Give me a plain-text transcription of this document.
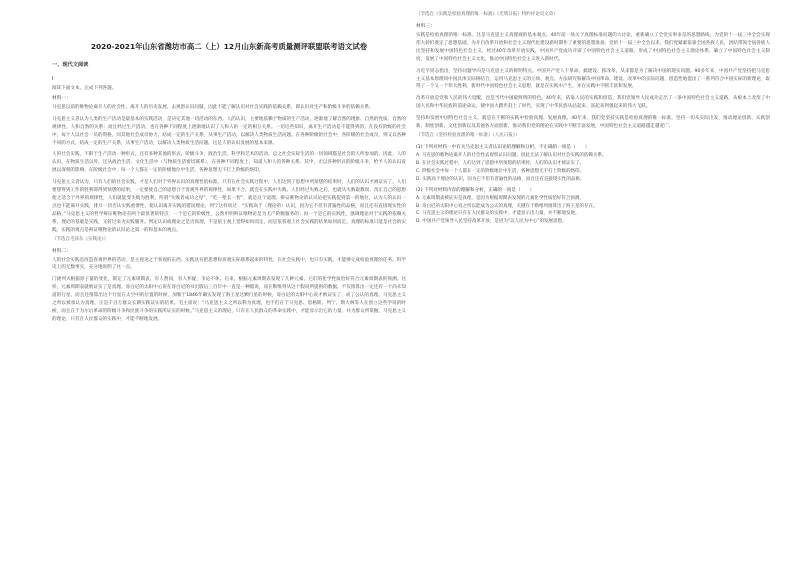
2020-2021年山东省潍坊市高二（上）12月山东新高考质量测评联盟联考语文试卷
一、现代文阅读
I

阅读下面文本，完成下列各题。

材料一：

马克思以前的唯物论离开人的社会性，离开人的历史发展，去观察认识问题，因此不能了解认识对社会实践的依赖关系，即认识对生产和阶级斗争的依赖关系。

马克思主义者认为人类的生产活动是最基本的实践活动，是决定其他一切活动的东西。人的认识，主要地依赖于物质的生产活动，逐渐地了解自然的现象、自然的性质、自然的规律性、人和自然的关系；而且经过生产活动，也在各种不同程度上逐渐地认识了人和人的一定的相互关系。一切这些知识，离开生产活动是不能得到的。在没有阶级的社会中，每个人以社会一员的资格，同其他社会成员协力，结成一定的生产关系，从事生产活动，以解决人类物质生活问题。在各种阶级的社会中，各阶级的社会成员，则又以各种不同的方式，结成一定的生产关系，从事生产活动，以解决人类物质生活问题。这是人的认识发展的基本来源。

人的社会实践，不限于生产活动一种形式，还有多种其他的形式，阶级斗争，政治生活，科学和艺术的活动，总之社会实际生活的一切领域都是社会的人所参加的。因此，人的认识，在物质生活以外，还从政治生活、文化生活中（与物质生活密切联系），在各种不同程度上，知道人和人的各种关系。其中，尤以各种形式的阶级斗争，给予人的认识发展以深刻的影响。在阶级社会中，每一个人都在一定的阶级地位中生活，各种思想无不打上阶级的烙印。

马克思主义者认为，只有人们的社会实践，才是人们对于外界认识的真理性的标准。只有在社会实践过程中，人们达到了思想中所预想的结果时，人们的认识才被证实了。人们要想得到工作的胜利即得到预想的结果，一定要使自己的思想合于客观外界的规律性，如果不合，就会在实践中失败。人们经过失败之后，也就从失败取教训，改正自己的思想使之适合于外界的规律性，人们就能变失败为胜利，所谓“失败者成功之母”，“吃一堑长一智”，就是这个道理。辩证唯物论的认识论把实践提到第一的地位，认为人的认识一点也不能离开实践，排斥一切否认实践重要性、使认识离开实践的错误理论。列宁这样说过：“实践高于（理论的）认识，因为它不但有普遍性的品格，而且还有直接现实性的品格。”马克思主义的哲学辩证唯物论有两个最显著的特点：一个是它的阶级性，公然申明辩证唯物论是为无产阶级服务的；再一个是它的实践性，强调理论对于实践的依赖关系，理论的基础是实践，又转过来为实践服务。判定认识或理论之是否真理，不是依主观上觉得如何而定，而是依客观上社会实践的结果如何而定。真理的标准只能是社会的实践。实践的观点是辩证唯物论的认识论之第一的和基本的观点。

（节选自毛泽东《实践论》）
材料二：

人的社会实践是改造客观世界的活动，是主观见之于客观的东西。实践具有把思想和客观实际联系起来的特性。在社会实践中，也只有实践，才能够完成检验真理的任务。科学史上的无数事实，充分地说明了这一点。

门捷列夫根据原子量的变化，制定了元素周期表，有人赞同，有人怀疑，争论不休。后来，根据元素周期表发现了几种元素，它们的化学性质恰好符合元素周期表的预测。这样，元素周期表就被证实了是真理。哥白尼的太阳中心说在哥白尼的书出版后三百年中一直是一种假说，而在勒维列从这个假说所提供的数据，不仅推算出一定还有一个尚未知道的行星，而且还推算出这个行星在太空中的位置的时候，加勒于1846年确实发现了海王星这颗行星的时候，哥白尼的太阳中心说才被证实了，成了公认的真理。马克思主义之所以被承认为真理，正是千百万群众长期实践证实的结果。毛主席说：“马克思主义之所以称为真理，也不但在于马克思、恩格斯、列宁、斯大林等人在创立这些学说的时候，而且在于为尔后革命的阶级斗争和民族斗争的实践所证实的时候。”马克思主义的理论，只有在人民群众的革命实践中，才能显示出它的力量，并为群众所掌握。马克思主义的理论，只有在人民群众的实践中，才能不断地发展。

（节选自《实践是检验真理的唯一标准》《光明日报》特约评论员文章）
材料三：

实践是检验真理的唯一标准，这是马克思主义真理观的基本观点。40年前一场关于真理标准问题的大讨论，重新确立了全党实事求是的思想路线，为党的十一届三中全会实现伟大转折奠定了思想基础，为开启改革开放和社会主义现代化建设新时期作了重要的思想准备。党的十一届三中全会以来，我们党紧紧依靠全国各族人民，团结带领全国各族人民坚持和发展中国特色社会主义，经过40年改革开放实践，中国共产党成功开辟了中国特色社会主义道路，形成了中国特色社会主义理论体系，确立了中国特色社会主义制度，发展了中国特色社会主义文化，推动中国特色社会主义进入新时代。

习近平同志指出，坚持问题导向是马克思主义的鲜明特点。中国共产党人干革命、搞建设、抓改革，从来都是为了解决中国的现实问题。90多年来，中国共产党坚持把马克思主义基本原理同中国具体实际相结合，运用马克思主义的立场、观点、方法研究和解决中国革命、建设、改革中的实际问题，创造性地提出了一系列符合中国实际的新理论，取得了一个又一个伟大胜利。新时代中国特色社会主义思想，就是在实践中产生，并在实践中不断丰富和发展。

改革开放是党和人民的伟大觉醒，也是当代中国最鲜明的特色。40年来，依靠人民的实践和创造，我们党领导人民成功走出了一条中国特色社会主义道路，从根本上改变了中国人民和中华民族的前途命运，使中国大踏步赶上了时代，实现了中华民族从站起来、富起来到强起来的伟大飞跃。

坚持和发展中国特色社会主义，就是在不断的实践中检验真理、发展真理。40年来，我们党坚持实践是检验真理的唯一标准，坚持一切从实际出发，推动理论创新、实践创新、制度创新、文化创新以及其他各方面创新，推动我们党的理论在实践中不断丰富发展，中国特色社会主义道路越走越宽广。

（节选自《坚持检验真理的唯一标准》《人民日报》）
(1) 下列对材料一中有关马克思主义者认识论的理解和分析，不正确的一项是（　　）
A. 马克思的唯物论离开人的社会性去观察认识问题，因此无法了解认识对社会实践的依赖关系。
B. 在社会实践过程中，人们达到了思想中所预想的结果时，人们的认识才被证实了。
C. 阶级社会中每一个人都在一定的阶级地位中生活，各种思想无不打上阶级的烙印。
D. 实践高于理论的认识，因为它不但有普遍性的品格，而且还有直接现实性的品格。
(2) 下列对材料内容的理解和分析，正确的一项是（　　）
A. 元素周期表被证实是真理，是因为根据周期表发现的元素化学性质恰好符合预测。
B. 哥白尼的太阳中心说之所以能成为公认的真理，关键在于勒维列推算出了海王星的存在。
C. 马克思主义的理论只有在人民群众的实践中，才能显示出力量，并不断地发展。
D. 中国共产党领导人民坚持改革开放，是因为“以人民为中心”的发展思想。
